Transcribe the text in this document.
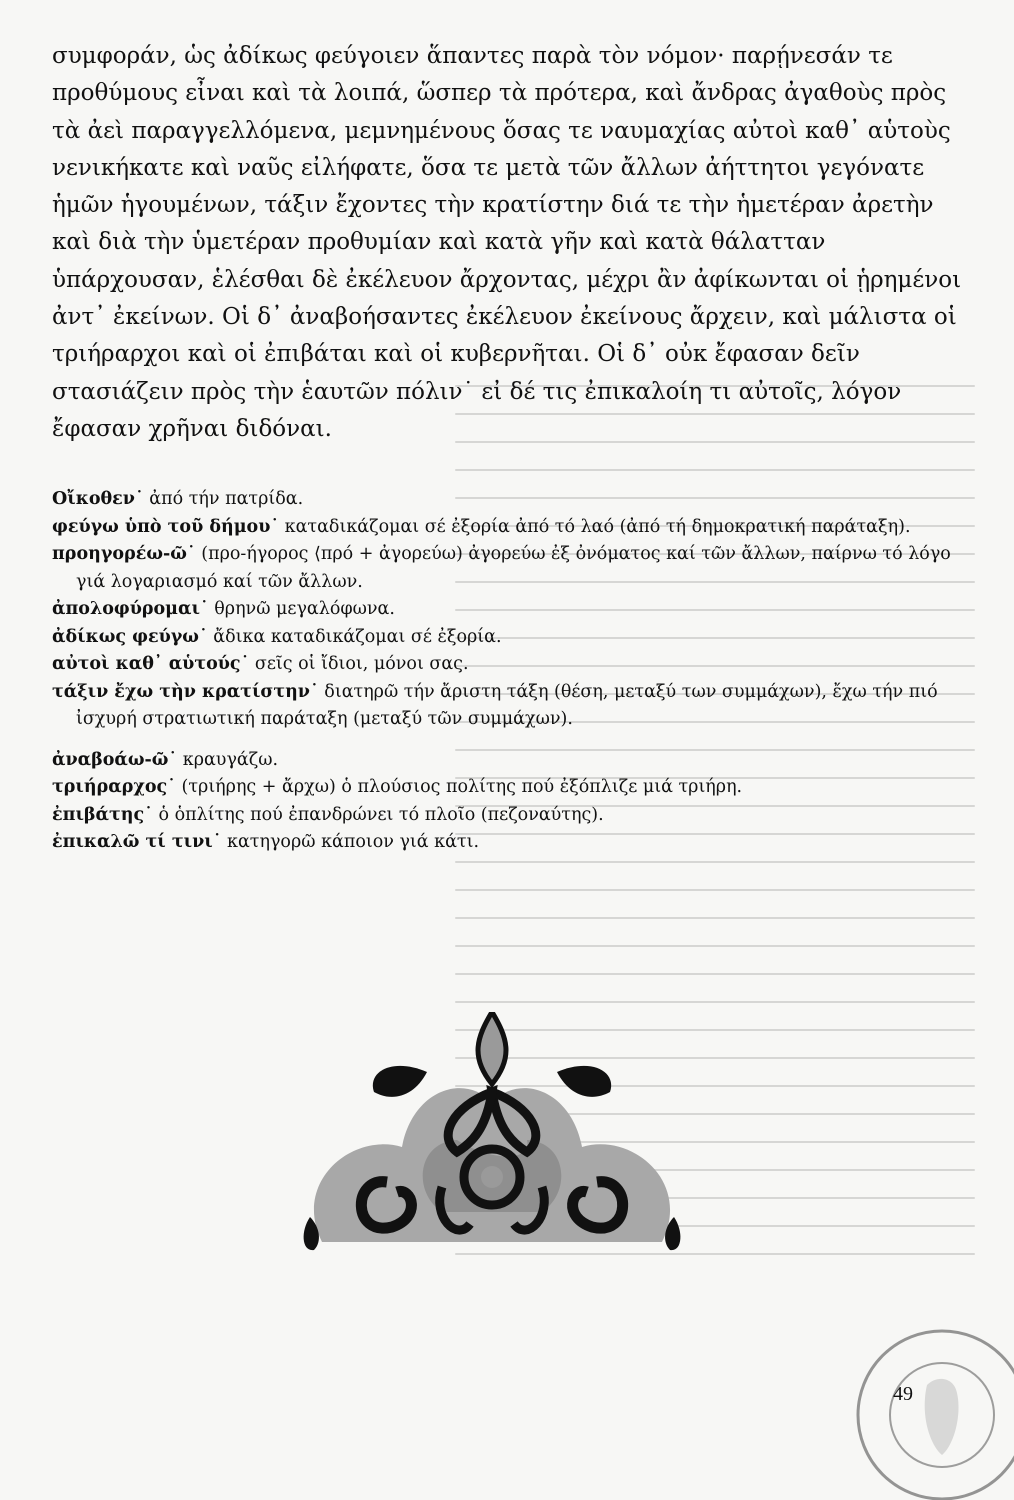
συμφοράν, ὡς ἀδίκως φεύγοιεν ἅπαντες παρὰ τὸν νόμον· παρῄνεσάν τε προθύμους εἶναι καὶ τὰ λοιπά, ὥσπερ τὰ πρότερα, καὶ ἄνδρας ἀγαθοὺς πρὸς τὰ ἀεὶ παραγγελλόμενα, μεμνημένους ὅσας τε ναυμαχίας αὐτοὶ καθ᾽ αὑτοὺς νενικήκατε καὶ ναῦς εἰλήφατε, ὅσα τε μετὰ τῶν ἄλλων ἀήττητοι γεγόνατε ἡμῶν ἡγουμένων, τάξιν ἔχοντες τὴν κρατίστην διά τε τὴν ἡμετέραν ἀρετὴν καὶ διὰ τὴν ὑμετέραν προθυμίαν καὶ κατὰ γῆν καὶ κατὰ θάλατταν ὑπάρχουσαν, ἑλέσθαι δὲ ἐκέλευον ἄρχοντας, μέχρι ἂν ἀφίκωνται οἱ ᾑρημένοι ἀντ᾽ ἐκείνων. Οἱ δ᾽ ἀναβοήσαντες ἐκέλευον ἐκείνους ἄρχειν, καὶ μάλιστα οἱ τριήραρχοι καὶ οἱ ἐπιβάται καὶ οἱ κυβερνῆται. Οἱ δ᾽ οὐκ ἔφασαν δεῖν στασιάζειν πρὸς τὴν ἑαυτῶν πόλιν˙ εἰ δέ τις ἐπικαλοίη τι αὐτοῖς, λόγον ἔφασαν χρῆναι διδόναι.

Οἴκοθεν˙ ἀπό τήν πατρίδα.

φεύγω ὑπὸ τοῦ δήμου˙ καταδικάζομαι σέ ἐξορία ἀπό τό λαό (ἀπό τή δημοκρατική παράταξη).

προηγορέω-ῶ˙ (προ-ήγορος ⟨πρό + ἀγορεύω) ἀγορεύω ἐξ ὀνόματος καί τῶν ἄλλων, παίρνω τό λόγο γιά λογαριασμό καί τῶν ἄλλων.

ἀπολοφύρομαι˙ θρηνῶ μεγαλόφωνα.

ἀδίκως φεύγω˙ ἄδικα καταδικάζομαι σέ ἐξορία.

αὐτοὶ καθ᾽ αὑτούς˙ σεῖς οἱ ἴδιοι, μόνοι σας.

τάξιν ἔχω τὴν κρατίστην˙ διατηρῶ τήν ἄριστη τάξη (θέση, μεταξύ των συμμάχων), ἔχω τήν πιό ἰσχυρή στρατιωτική παράταξη (μεταξύ τῶν συμμάχων).

ἀναβοάω-ῶ˙ κραυγάζω.

τριήραρχος˙ (τριήρης + ἄρχω) ὁ πλούσιος πολίτης πού ἐξόπλιζε μιά τριήρη.

ἐπιβάτης˙ ὁ ὁπλίτης πού ἐπανδρώνει τό πλοῖο (πεζοναύτης).

ἐπικαλῶ τί τινι˙ κατηγορῶ κάποιον γιά κάτι.

ΒΙΒΛΙΟΘΗΚΗ ΒΟΥΛΗΣ ΤΩΝ ΕΛΛΗΝΩΝ
49
